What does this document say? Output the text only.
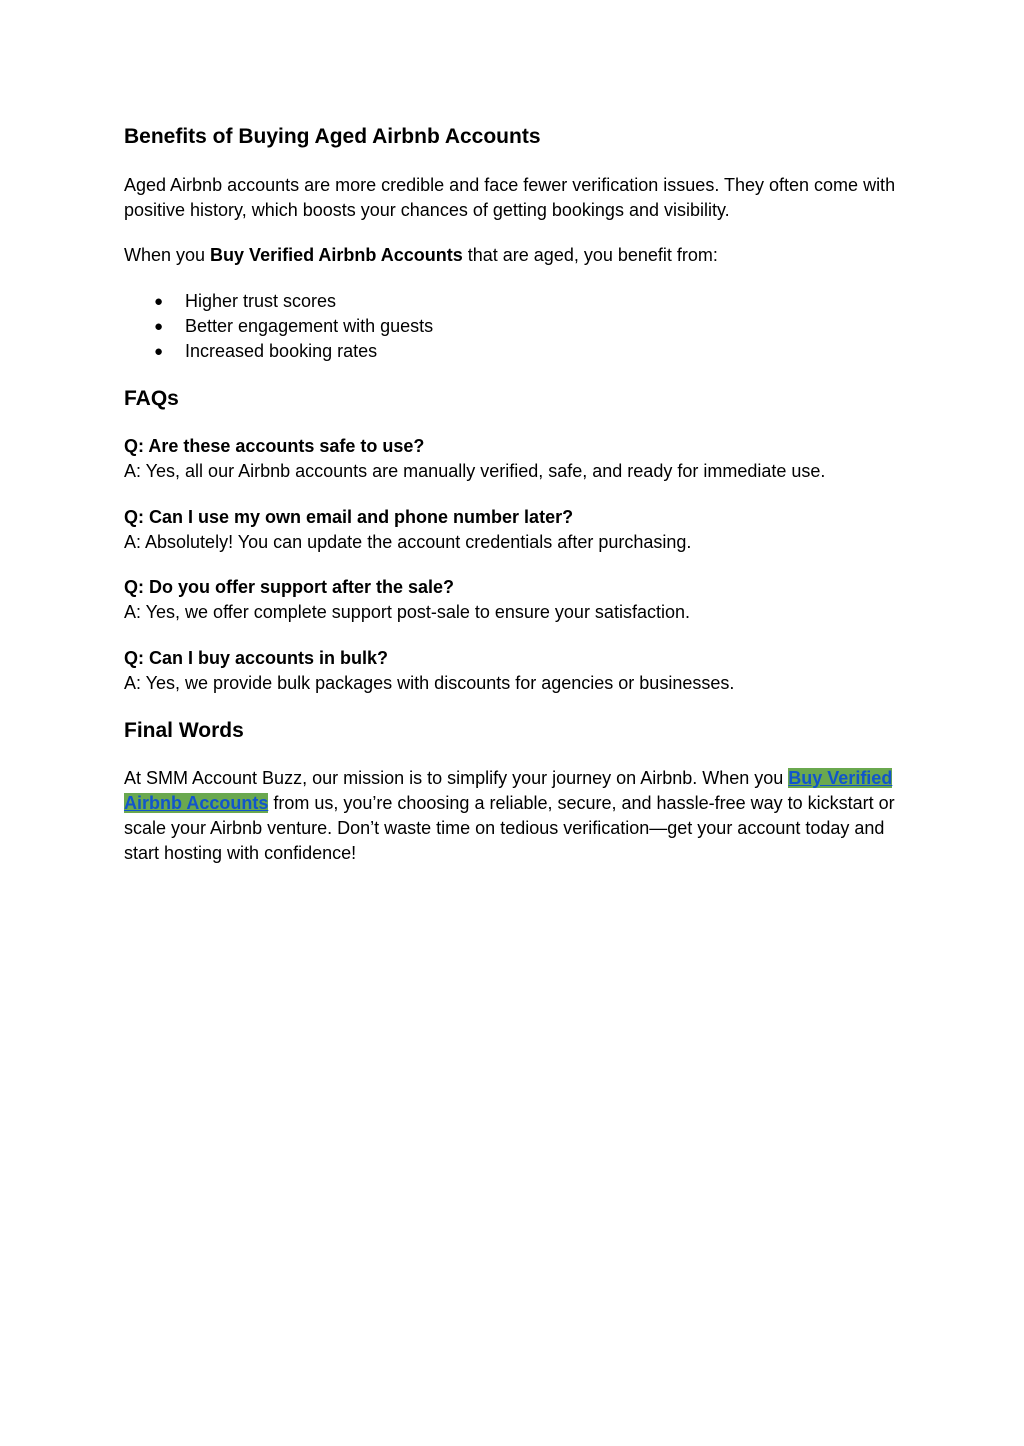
Benefits of Buying Aged Airbnb Accounts

Aged Airbnb accounts are more credible and face fewer verification issues. They often come with positive history, which boosts your chances of getting bookings and visibility.

When you Buy Verified Airbnb Accounts that are aged, you benefit from:

● Higher trust scores
● Better engagement with guests
● Increased booking rates
FAQs
Q: Are these accounts safe to use?
A: Yes, all our Airbnb accounts are manually verified, safe, and ready for immediate use.
Q: Can I use my own email and phone number later?
A: Absolutely! You can update the account credentials after purchasing.
Q: Do you offer support after the sale?
A: Yes, we offer complete support post-sale to ensure your satisfaction.
Q: Can I buy accounts in bulk?
A: Yes, we provide bulk packages with discounts for agencies or businesses.
Final Words

At SMM Account Buzz, our mission is to simplify your journey on Airbnb. When you Buy Verified Airbnb Accounts from us, you’re choosing a reliable, secure, and hassle-free way to kickstart or scale your Airbnb venture. Don’t waste time on tedious verification—get your account today and start hosting with confidence!
